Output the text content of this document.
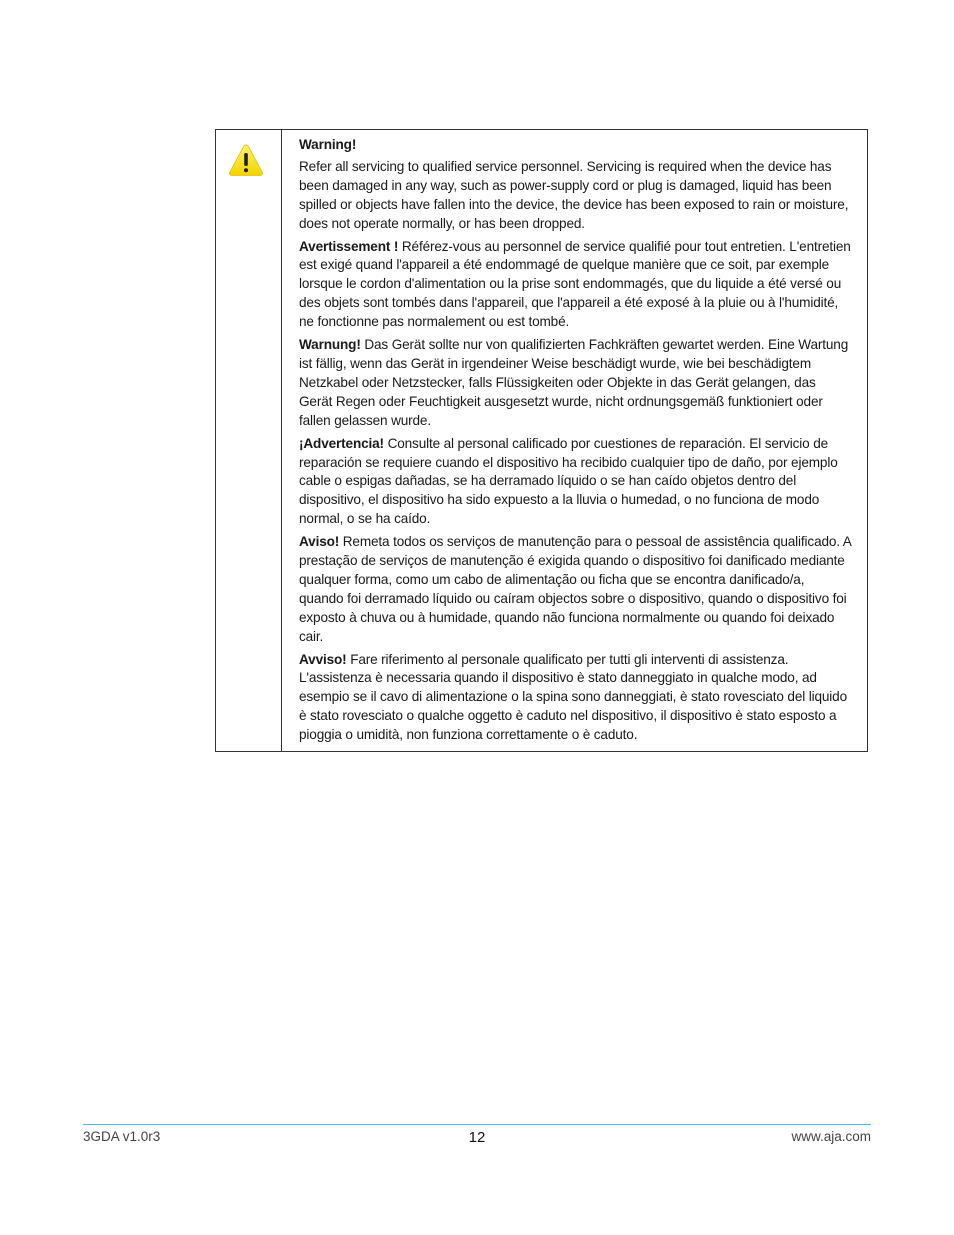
Warning!
Refer all servicing to qualified service personnel. Servicing is required when the device has been damaged in any way, such as power-supply cord or plug is damaged, liquid has been spilled or objects have fallen into the device, the device has been exposed to rain or moisture, does not operate normally, or has been dropped.

Avertissement ! Référez-vous au personnel de service qualifié pour tout entretien. L'entretien est exigé quand l'appareil a été endommagé de quelque manière que ce soit, par exemple lorsque le cordon d'alimentation ou la prise sont endommagés, que du liquide a été versé ou des objets sont tombés dans l'appareil, que l'appareil a été exposé à la pluie ou à l'humidité, ne fonctionne pas normalement ou est tombé.

Warnung! Das Gerät sollte nur von qualifizierten Fachkräften gewartet werden. Eine Wartung ist fällig, wenn das Gerät in irgendeiner Weise beschädigt wurde, wie bei beschädigtem Netzkabel oder Netzstecker, falls Flüssigkeiten oder Objekte in das Gerät gelangen, das Gerät Regen oder Feuchtigkeit ausgesetzt wurde, nicht ordnungsgemäß funktioniert oder fallen gelassen wurde.

¡Advertencia! Consulte al personal calificado por cuestiones de reparación. El servicio de reparación se requiere cuando el dispositivo ha recibido cualquier tipo de daño, por ejemplo cable o espigas dañadas, se ha derramado líquido o se han caído objetos dentro del dispositivo, el dispositivo ha sido expuesto a la lluvia o humedad, o no funciona de modo normal, o se ha caído.

Aviso! Remeta todos os serviços de manutenção para o pessoal de assistência qualificado. A prestação de serviços de manutenção é exigida quando o dispositivo foi danificado mediante qualquer forma, como um cabo de alimentação ou ficha que se encontra danificado/a, quando foi derramado líquido ou caíram objectos sobre o dispositivo, quando o dispositivo foi exposto à chuva ou à humidade, quando não funciona normalmente ou quando foi deixado cair.

Avviso! Fare riferimento al personale qualificato per tutti gli interventi di assistenza. L'assistenza è necessaria quando il dispositivo è stato danneggiato in qualche modo, ad esempio se il cavo di alimentazione o la spina sono danneggiati, è stato rovesciato del liquido è stato rovesciato o qualche oggetto è caduto nel dispositivo, il dispositivo è stato esposto a pioggia o umidità, non funziona correttamente o è caduto.

3GDA v1.0r3	12	www.aja.com
